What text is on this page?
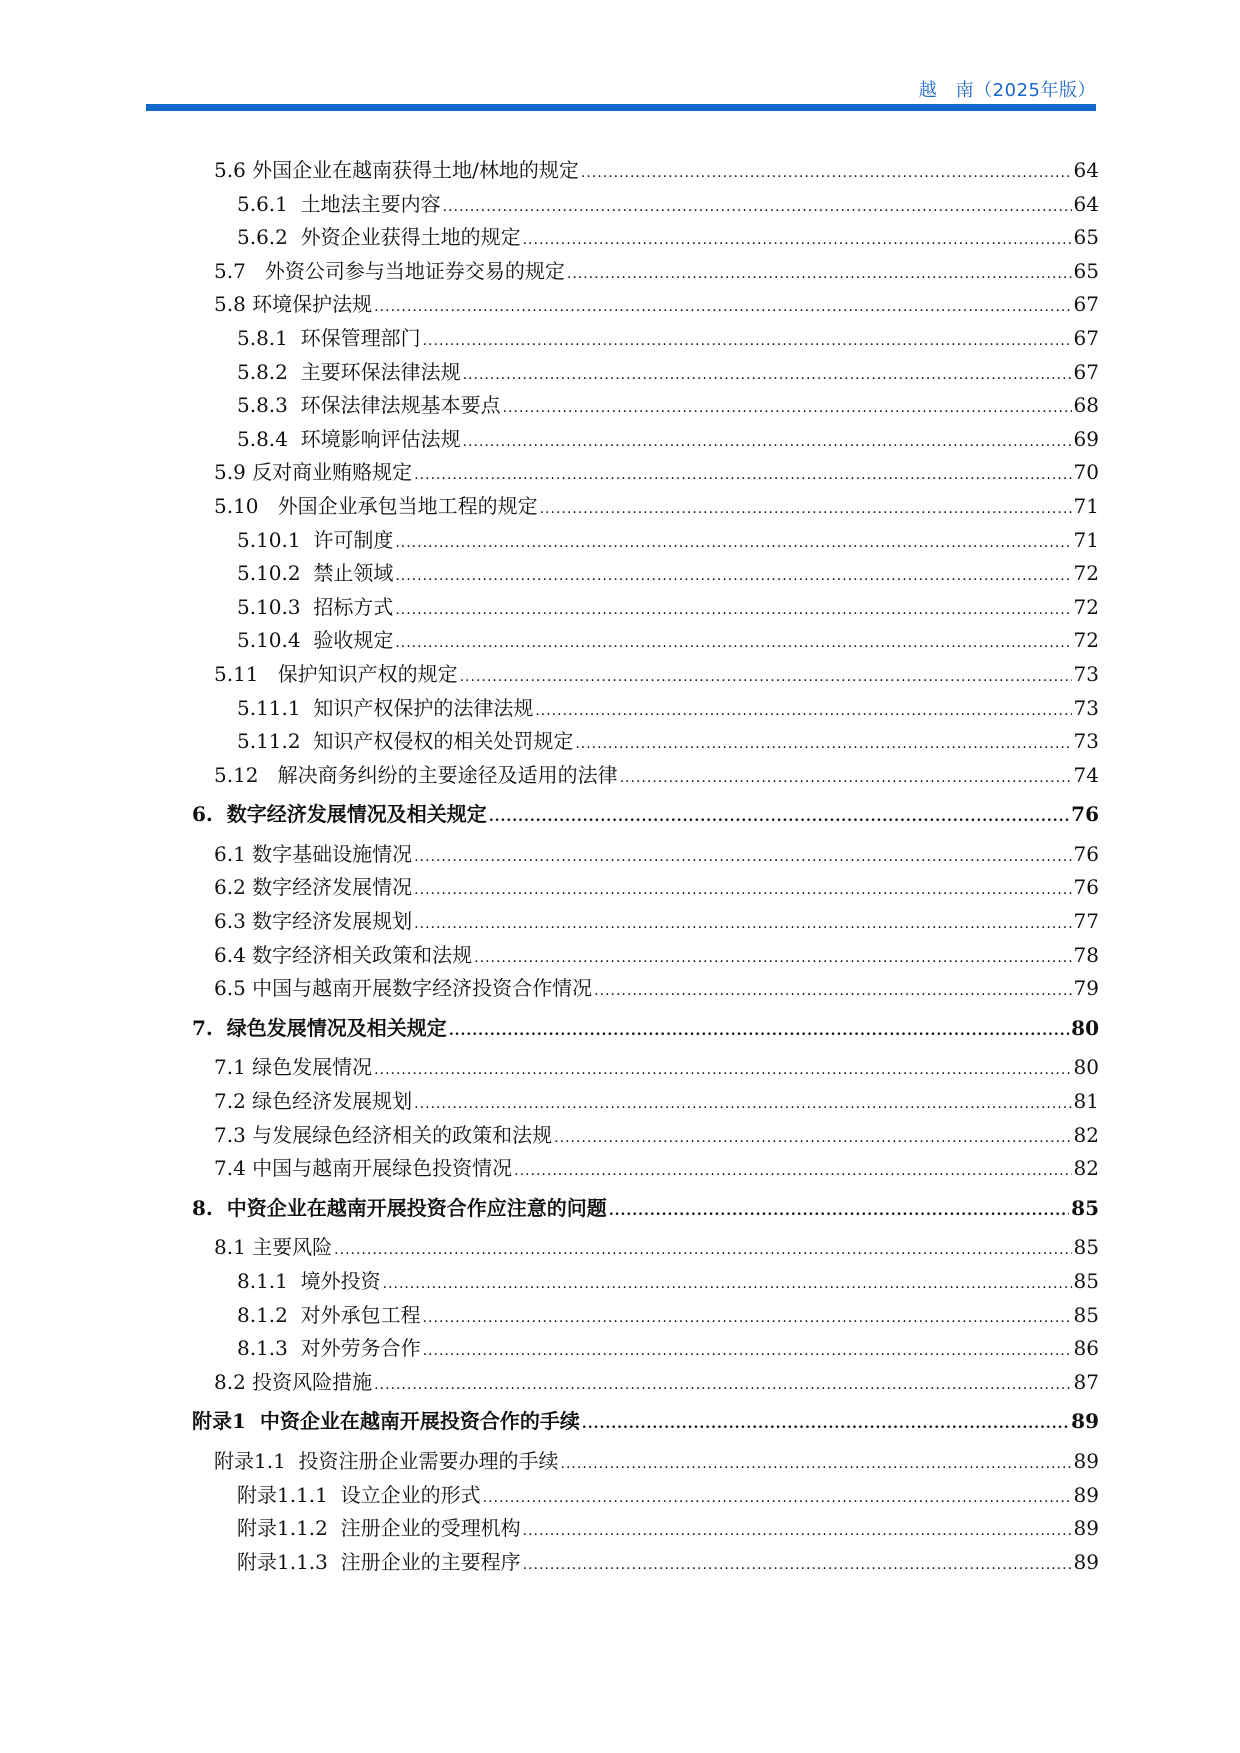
越　南（2025年版）
5.6 外国企业在越南获得土地/林地的规定 .....	64
5.6.1  土地法主要内容 .....	64
5.6.2  外资企业获得土地的规定 .....	65
5.7   外资公司参与当地证券交易的规定 .....	65
5.8 环境保护法规 .....	67
5.8.1  环保管理部门 .....	67
5.8.2  主要环保法律法规 .....	67
5.8.3  环保法律法规基本要点 .....	68
5.8.4  环境影响评估法规 .....	69
5.9 反对商业贿赂规定 .....	70
5.10   外国企业承包当地工程的规定 .....	71
5.10.1  许可制度 .....	71
5.10.2  禁止领域 .....	72
5.10.3  招标方式 .....	72
5.10.4  验收规定 .....	72
5.11   保护知识产权的规定 .....	73
5.11.1  知识产权保护的法律法规 .....	73
5.11.2  知识产权侵权的相关处罚规定 .....	73
5.12   解决商务纠纷的主要途径及适用的法律 .....	74
6.  数字经济发展情况及相关规定 .....	76
6.1 数字基础设施情况 .....	76
6.2 数字经济发展情况 .....	76
6.3 数字经济发展规划 .....	77
6.4 数字经济相关政策和法规 .....	78
6.5 中国与越南开展数字经济投资合作情况 .....	79
7.  绿色发展情况及相关规定 .....	80
7.1 绿色发展情况 .....	80
7.2 绿色经济发展规划 .....	81
7.3 与发展绿色经济相关的政策和法规 .....	82
7.4 中国与越南开展绿色投资情况 .....	82
8.  中资企业在越南开展投资合作应注意的问题 .....	85
8.1 主要风险 .....	85
8.1.1  境外投资 .....	85
8.1.2  对外承包工程 .....	85
8.1.3  对外劳务合作 .....	86
8.2 投资风险措施 .....	87
附录1  中资企业在越南开展投资合作的手续 .....	89
附录1.1  投资注册企业需要办理的手续 .....	89
附录1.1.1  设立企业的形式 .....	89
附录1.1.2  注册企业的受理机构 .....	89
附录1.1.3  注册企业的主要程序 .....	89
